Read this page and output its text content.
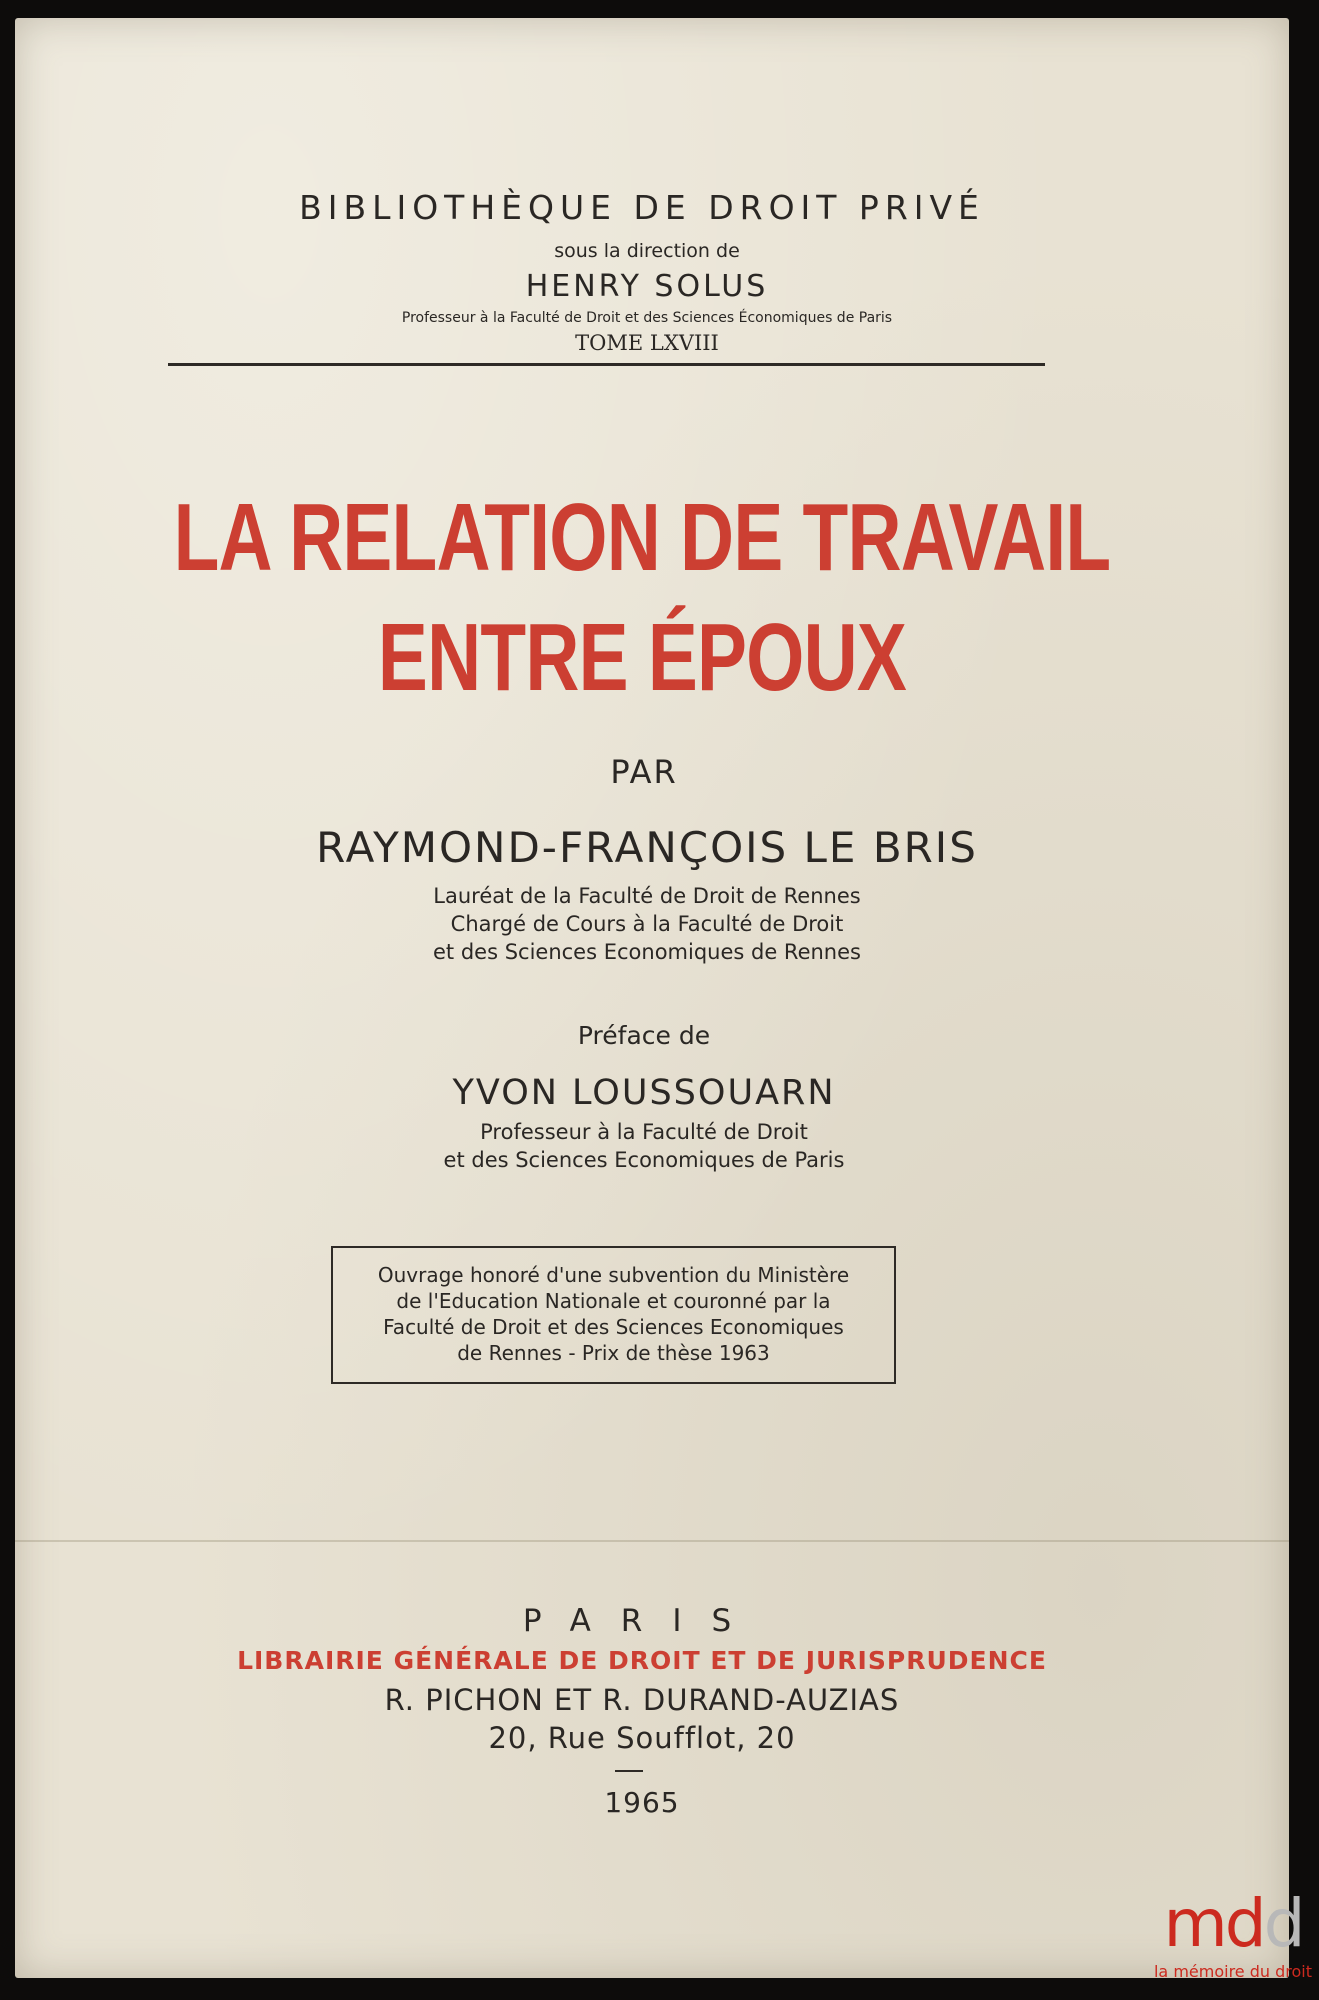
BIBLIOTHÈQUE DE DROIT PRIVÉ

sous la direction de

HENRY SOLUS

Professeur à la Faculté de Droit et des Sciences Économiques de Paris

TOME LXVIII

LA RELATION DE TRAVAIL
ENTRE ÉPOUX

PAR

RAYMOND-FRANÇOIS LE BRIS

Lauréat de la Faculté de Droit de Rennes
Chargé de Cours à la Faculté de Droit
et des Sciences Economiques de Rennes

Préface de

YVON LOUSSOUARN

Professeur à la Faculté de Droit
et des Sciences Economiques de Paris
Ouvrage honoré d'une subvention du Ministère
de l'Education Nationale et couronné par la
Faculté de Droit et des Sciences Economiques
de Rennes - Prix de thèse 1963

PARIS

LIBRAIRIE GÉNÉRALE DE DROIT ET DE JURISPRUDENCE

R. PICHON ET R. DURAND-AUZIAS

20, Rue Soufflot, 20

1965

mdd
la mémoire du droit
